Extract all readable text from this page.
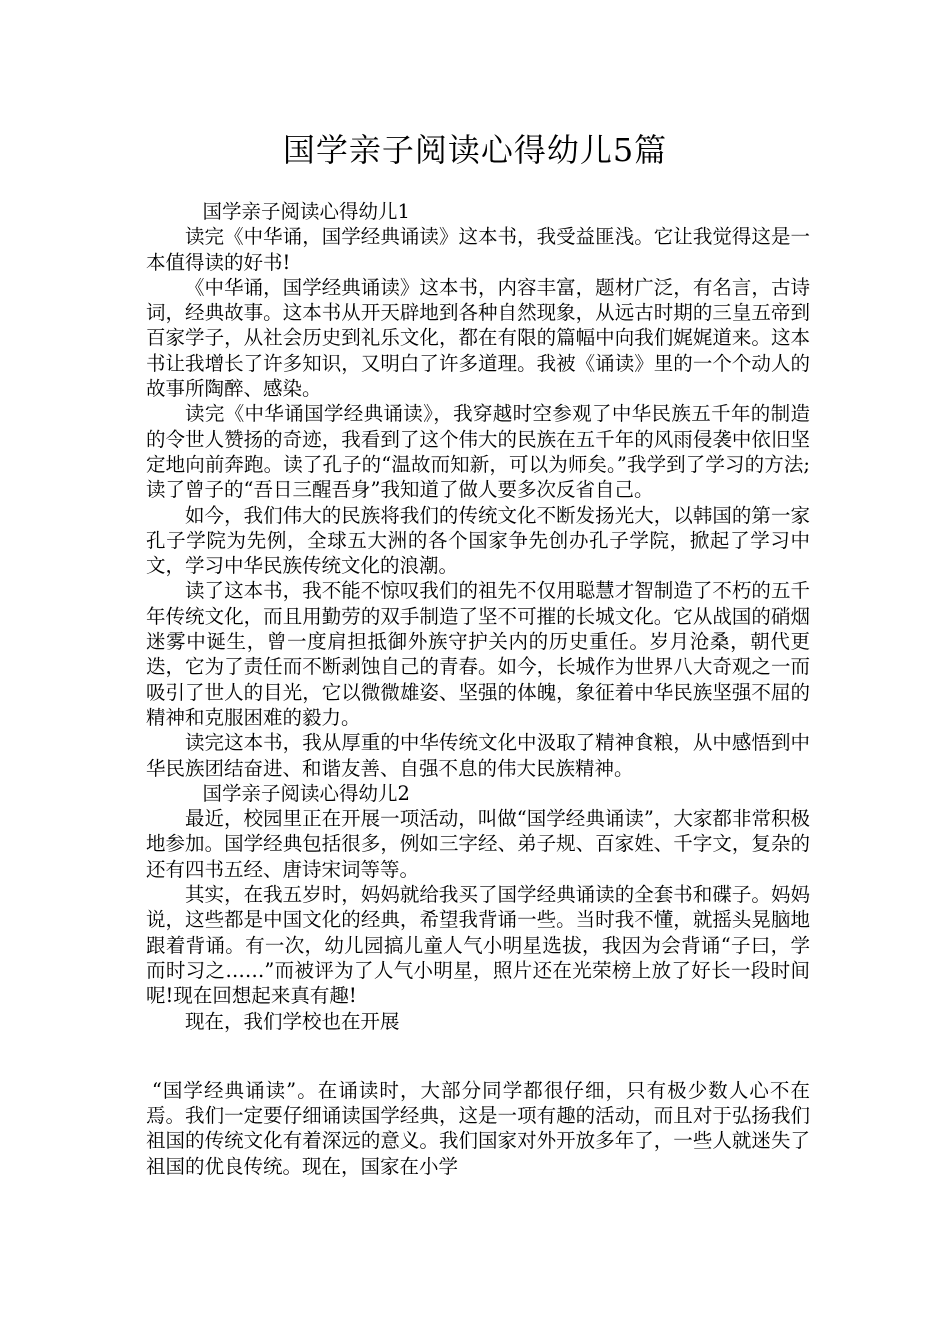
国学亲子阅读心得幼儿5篇

国学亲子阅读心得幼儿1

读完《中华诵，国学经典诵读》这本书，我受益匪浅。它让我觉得这是一本值得读的好书!

《中华诵，国学经典诵读》这本书，内容丰富，题材广泛，有名言，古诗词，经典故事。这本书从开天辟地到各种自然现象，从远古时期的三皇五帝到百家学子，从社会历史到礼乐文化，都在有限的篇幅中向我们娓娓道来。这本书让我增长了许多知识，又明白了许多道理。我被《诵读》里的一个个动人的故事所陶醉、感染。

读完《中华诵国学经典诵读》，我穿越时空参观了中华民族五千年的制造的令世人赞扬的奇迹，我看到了这个伟大的民族在五千年的风雨侵袭中依旧坚定地向前奔跑。读了孔子的“温故而知新，可以为师矣。”我学到了学习的方法;读了曾子的“吾日三醒吾身”我知道了做人要多次反省自己。

如今，我们伟大的民族将我们的传统文化不断发扬光大，以韩国的第一家孔子学院为先例，全球五大洲的各个国家争先创办孔子学院，掀起了学习中文，学习中华民族传统文化的浪潮。

读了这本书，我不能不惊叹我们的祖先不仅用聪慧才智制造了不朽的五千年传统文化，而且用勤劳的双手制造了坚不可摧的长城文化。它从战国的硝烟迷雾中诞生，曾一度肩担抵御外族守护关内的历史重任。岁月沧桑，朝代更迭，它为了责任而不断剥蚀自己的青春。如今，长城作为世界八大奇观之一而吸引了世人的目光，它以微微雄姿、坚强的体魄，象征着中华民族坚强不屈的精神和克服困难的毅力。

读完这本书，我从厚重的中华传统文化中汲取了精神食粮，从中感悟到中华民族团结奋进、和谐友善、自强不息的伟大民族精神。

国学亲子阅读心得幼儿2

最近，校园里正在开展一项活动，叫做“国学经典诵读”，大家都非常积极地参加。国学经典包括很多，例如三字经、弟子规、百家姓、千字文，复杂的还有四书五经、唐诗宋词等等。

其实，在我五岁时，妈妈就给我买了国学经典诵读的全套书和碟子。妈妈说，这些都是中国文化的经典，希望我背诵一些。当时我不懂，就摇头晃脑地跟着背诵。有一次，幼儿园搞儿童人气小明星选拔，我因为会背诵“子曰，学而时习之……”而被评为了人气小明星，照片还在光荣榜上放了好长一段时间呢!现在回想起来真有趣!

现在，我们学校也在开展

“国学经典诵读”。在诵读时，大部分同学都很仔细，只有极少数人心不在焉。我们一定要仔细诵读国学经典，这是一项有趣的活动，而且对于弘扬我们祖国的传统文化有着深远的意义。我们国家对外开放多年了，一些人就迷失了祖国的优良传统。现在，国家在小学
